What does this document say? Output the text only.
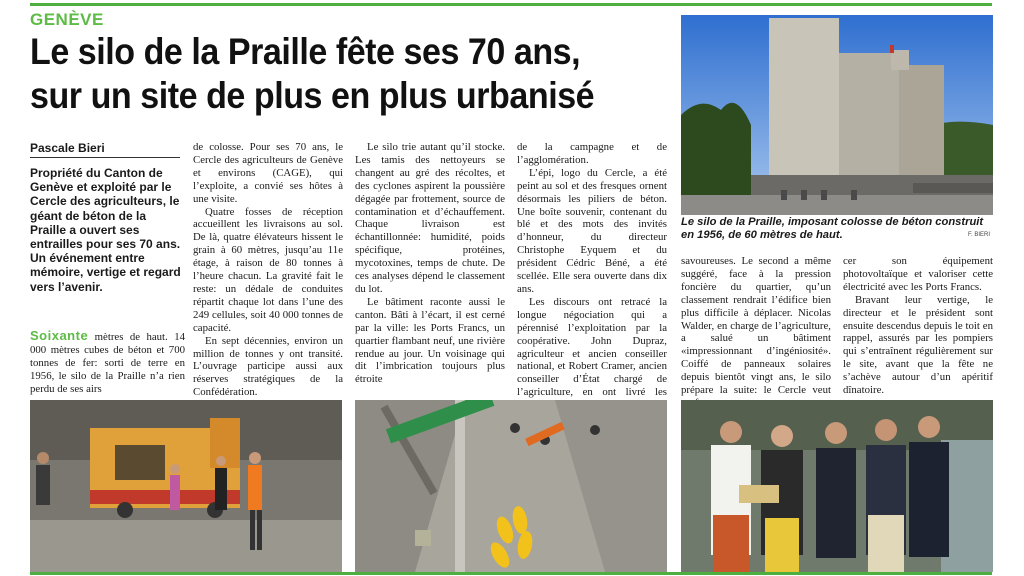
GENÈVE
Le silo de la Praille fête ses 70 ans,
sur un site de plus en plus urbanisé
Pascale Bieri

Propriété du Canton de Genève et exploité par le Cercle des agriculteurs, le géant de béton de la Praille a ouvert ses entrailles pour ses 70 ans.

Un événement entre mémoire, vertige et regard vers l’avenir.

Soixante mètres de haut. 14 000 mètres cubes de béton et 700 tonnes de fer: sorti de terre en 1956, le silo de la Praille n’a rien perdu de ses airs

de colosse. Pour ses 70 ans, le Cercle des agriculteurs de Genève et environs (CAGE), qui l’exploite, a convié ses hôtes à une visite.

Quatre fosses de réception accueillent les livraisons au sol. De là, quatre élévateurs hissent le grain à 60 mètres, jusqu’au 11e étage, à raison de 80 tonnes à l’heure chacun. La gravité fait le reste: un dédale de conduites répartit chaque lot dans l’une des 249 cellules, soit 40 000 tonnes de capacité.

En sept décennies, environ un million de tonnes y ont transité. L’ouvrage participe aussi aux réserves stratégiques de la Confédération.

Le silo trie autant qu’il stocke. Les tamis des nettoyeurs se changent au gré des récoltes, et des cyclones aspirent la poussière dégagée par frottement, source de contamination et d’échauffement. Chaque livraison est échantillonnée: humidité, poids spécifique, protéines, mycotoxines, temps de chute. De ces analyses dépend le classement du lot.

Le bâtiment raconte aussi le canton. Bâti à l’écart, il est cerné par la ville: les Ports Francs, un quartier flambant neuf, une rivière rendue au jour. Un voisinage qui dit l’imbrication toujours plus étroite

de la campagne et de l’agglomération.

L’épi, logo du Cercle, a été peint au sol et des fresques ornent désormais les piliers de béton. Une boîte souvenir, contenant du blé et des mots des invités d’honneur, du directeur Christophe Eyquem et du président Cédric Béné, a été scellée. Elle sera ouverte dans dix ans.

Les discours ont retracé la longue négociation qui a pérennisé l’exploitation par la coopérative. John Dupraz, agriculteur et ancien conseiller national, et Robert Cramer, ancien conseiller d’État chargé de l’agriculture, en ont livré les

savoureuses. Le second a même suggéré, face à la pression foncière du quartier, qu’un classement rendrait l’édifice bien plus difficile à déplacer. Nicolas Walder, en charge de l’agriculture, a salué un bâtiment «impressionnant d’ingéniosité». Coiffé de panneaux solaires depuis bientôt vingt ans, le silo prépare la suite: le Cercle veut

cer son équipement photovoltaïque et valoriser cette électricité avec les Ports Francs.

Bravant leur vertige, le directeur et le président sont ensuite descendus depuis le toit en rappel, assurés par les pompiers qui s’entraînent régulièrement sur le site, avant que la fête ne s’achève autour d’un apéritif dînatoire.

Le silo de la Praille, imposant colosse de béton construit en 1956, de 60 mètres de haut.	F. BIERI
